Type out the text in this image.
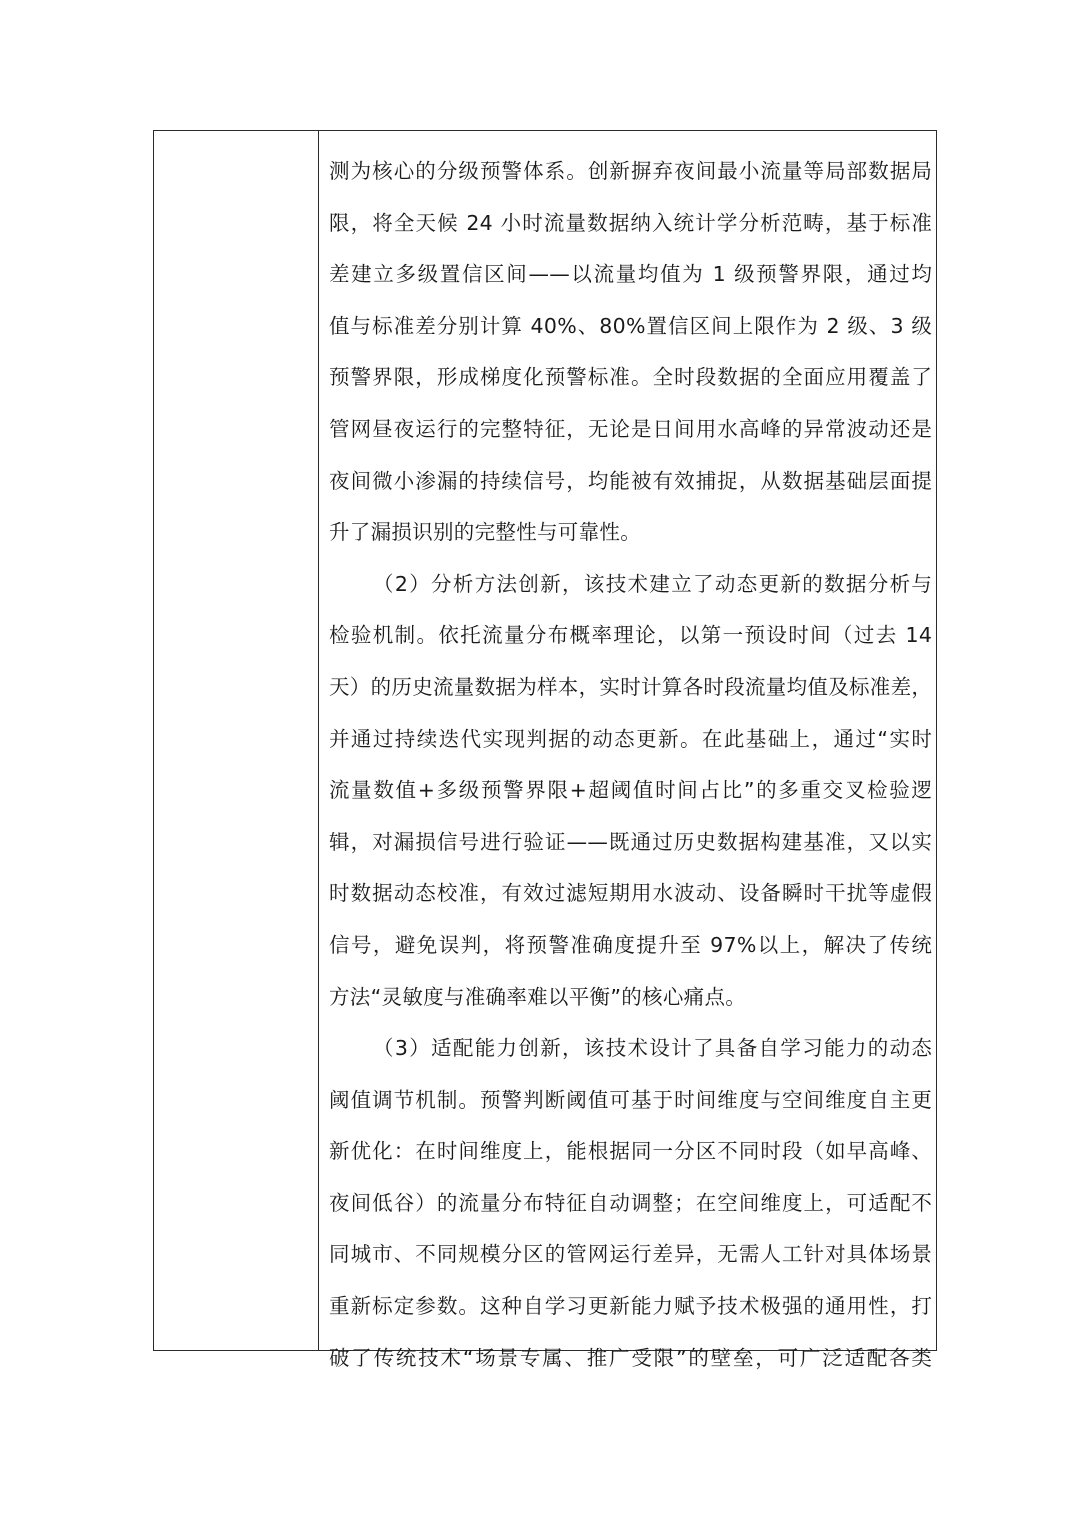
测为核心的分级预警体系。创新摒弃夜间最小流量等局部数据局
限，将全天候 24 小时流量数据纳入统计学分析范畴，基于标准
差建立多级置信区间——以流量均值为 1 级预警界限，通过均
值与标准差分别计算 40%、80%置信区间上限作为 2 级、3 级
预警界限，形成梯度化预警标准。全时段数据的全面应用覆盖了
管网昼夜运行的完整特征，无论是日间用水高峰的异常波动还是
夜间微小渗漏的持续信号，均能被有效捕捉，从数据基础层面提
升了漏损识别的完整性与可靠性。
（2）分析方法创新，该技术建立了动态更新的数据分析与
检验机制。依托流量分布概率理论，以第一预设时间（过去 14
天）的历史流量数据为样本，实时计算各时段流量均值及标准差，
并通过持续迭代实现判据的动态更新。在此基础上，通过“实时
流量数值+多级预警界限+超阈值时间占比”的多重交叉检验逻
辑，对漏损信号进行验证——既通过历史数据构建基准，又以实
时数据动态校准，有效过滤短期用水波动、设备瞬时干扰等虚假
信号，避免误判，将预警准确度提升至 97%以上，解决了传统
方法“灵敏度与准确率难以平衡”的核心痛点。
（3）适配能力创新，该技术设计了具备自学习能力的动态
阈值调节机制。预警判断阈值可基于时间维度与空间维度自主更
新优化：在时间维度上，能根据同一分区不同时段（如早高峰、
夜间低谷）的流量分布特征自动调整；在空间维度上，可适配不
同城市、不同规模分区的管网运行差异，无需人工针对具体场景
重新标定参数。这种自学习更新能力赋予技术极强的通用性，打
破了传统技术“场景专属、推广受限”的壁垒，可广泛适配各类
